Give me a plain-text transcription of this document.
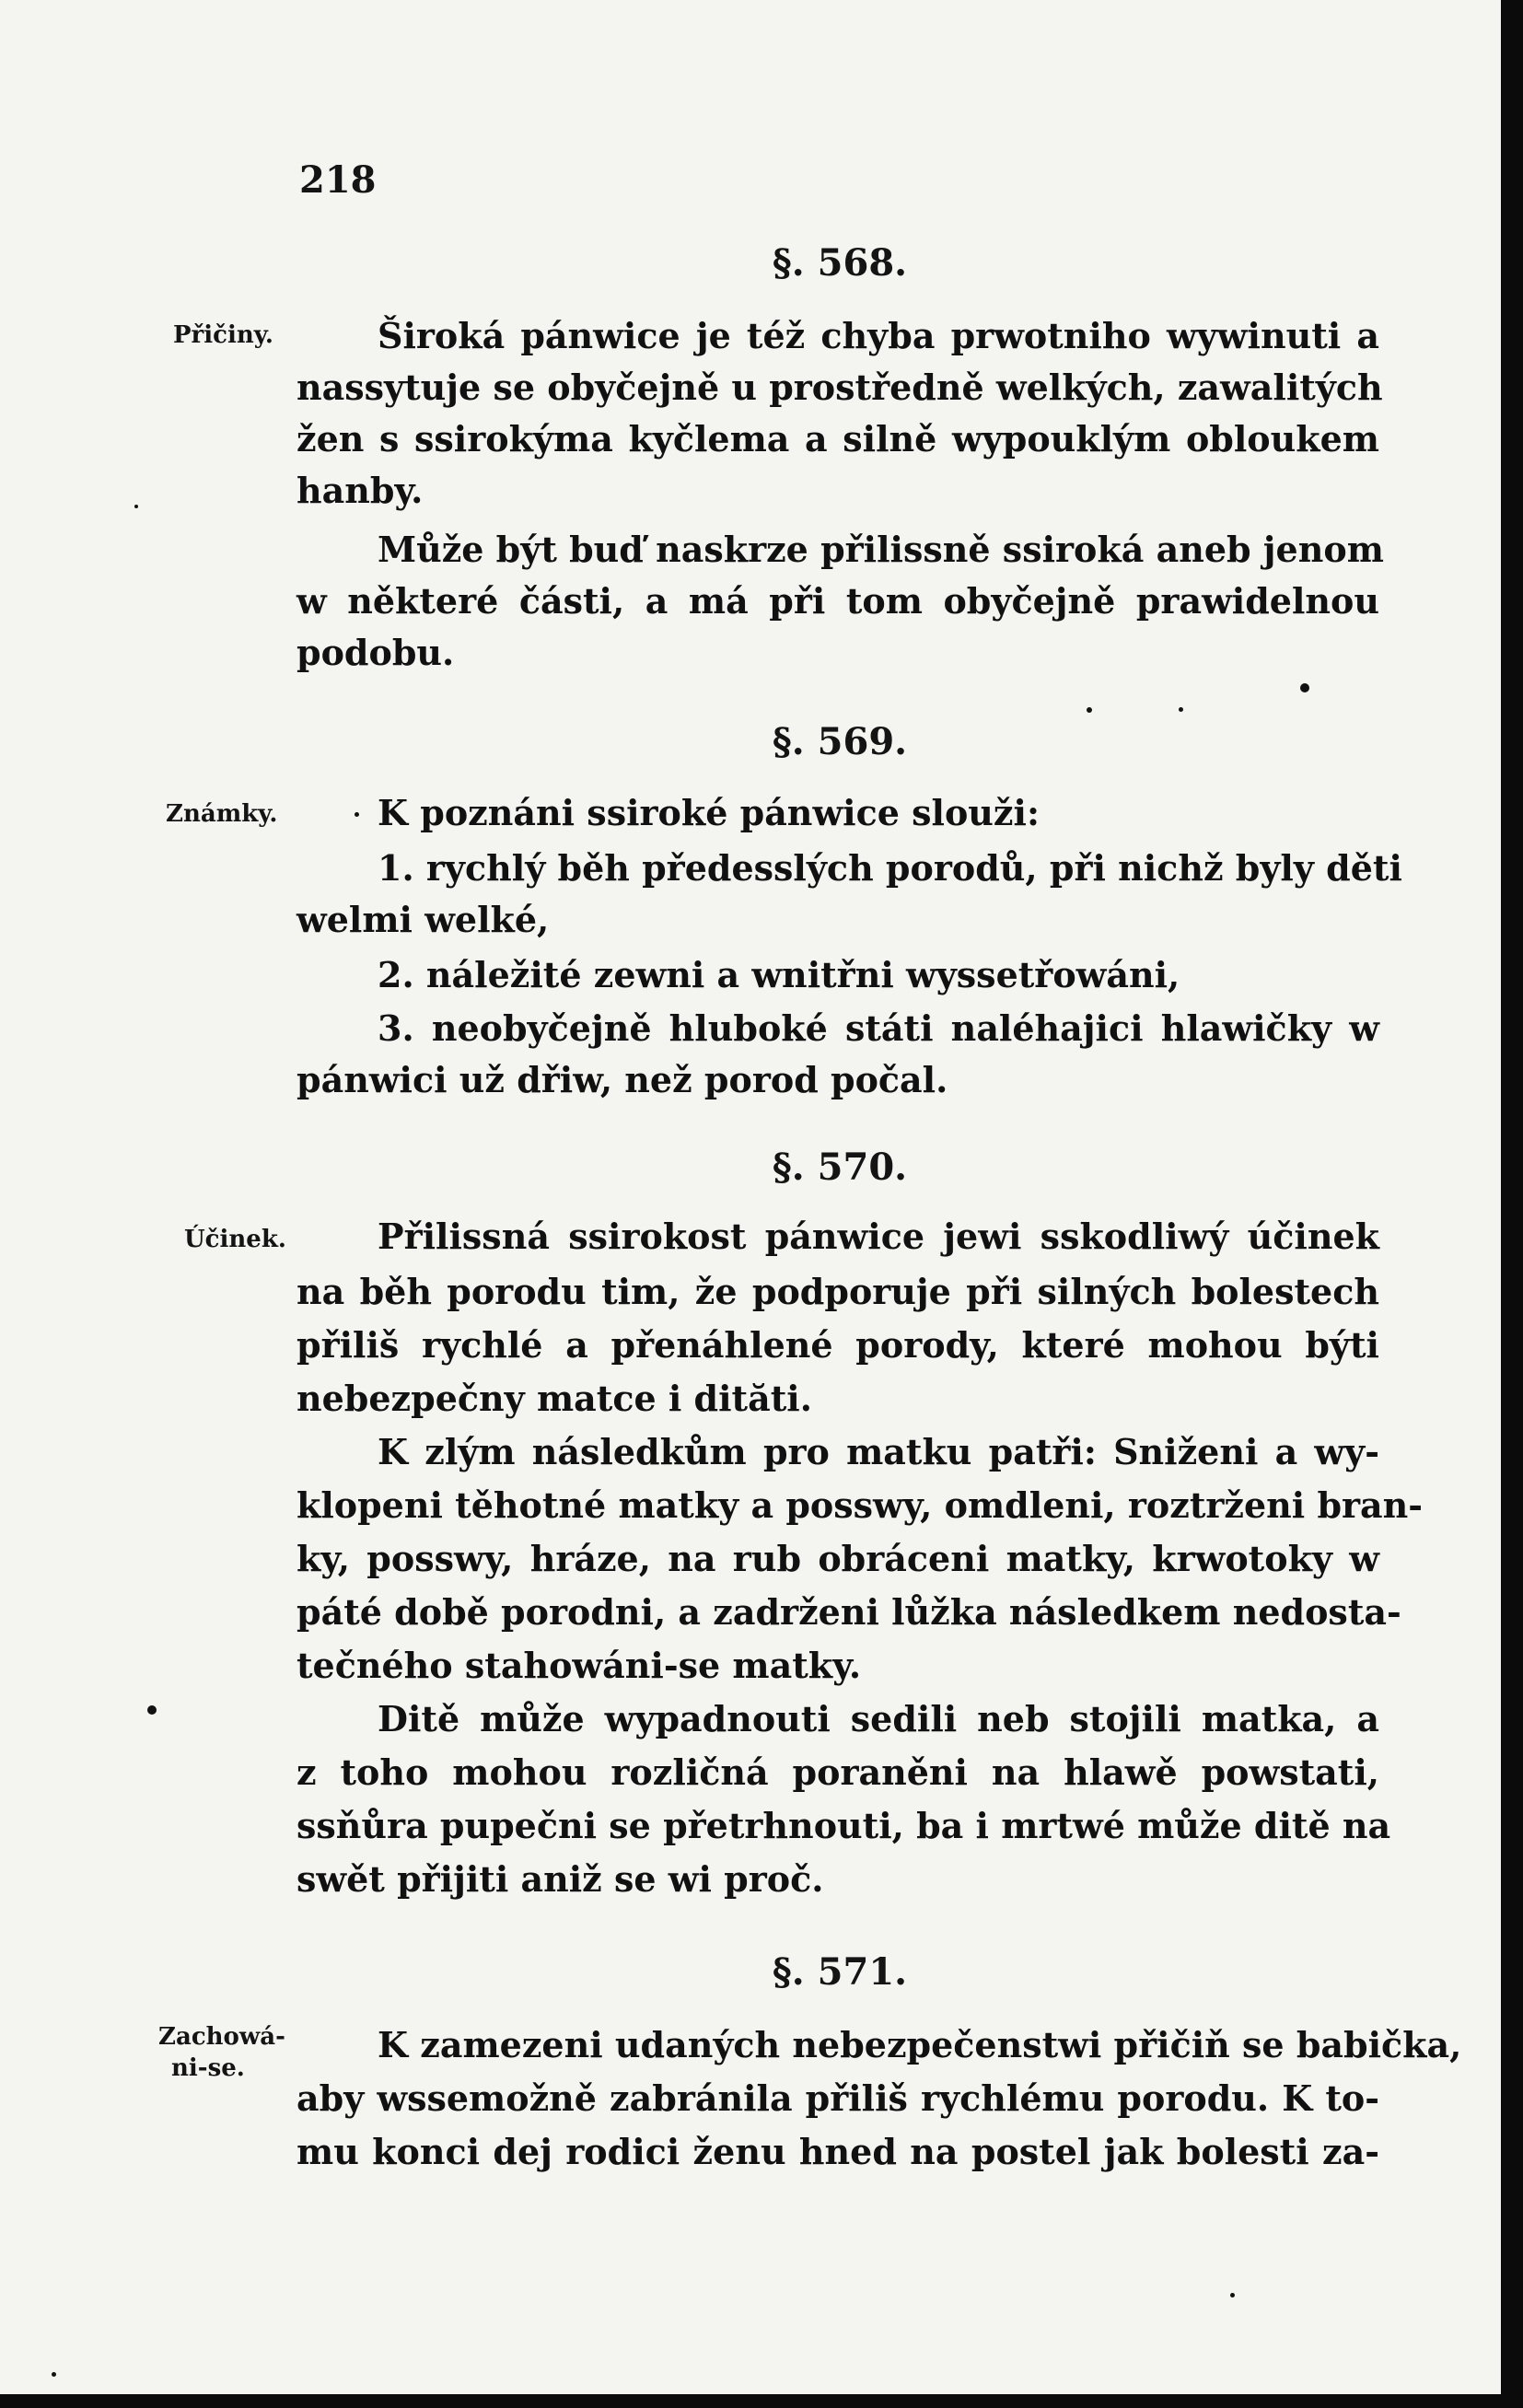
218
§. 568.
Přičiny.	Široká pánwice je též chyba prwotniho wywinuti a
nassytuje se obyčejně u prostředně welkých, zawalitých
žen s ssirokýma kyčlema a silně wypouklým obloukem
hanby.
Může být buď naskrze přilissně ssiroká aneb jenom
w některé části, a má při tom obyčejně prawidelnou
podobu.
§. 569.
Známky.	K poznáni ssiroké pánwice slouži:
1. rychlý běh předesslých porodů, při nichž byly děti
welmi welké,
2. náležité zewni a wnitřni wyssetřowáni,
3. neobyčejně hluboké státi naléhajici hlawičky w
pánwici už dřiw, než porod počal.
§. 570.
Účinek.	Přilissná ssirokost pánwice jewi sskodliwý účinek
na běh porodu tim, že podporuje při silných bolestech
přiliš rychlé a přenáhlené porody, které mohou býti
nebezpečny matce i dităti.
K zlým následkům pro matku patři: Sniženi a wy-
klopeni těhotné matky a posswy, omdleni, roztrženi bran-
ky, posswy, hráze, na rub obráceni matky, krwotoky w
páté době porodni, a zadrženi lůžka následkem nedosta-
tečného stahowáni-se matky.
Ditě může wypadnouti sedili neb stojili matka, a
z toho mohou rozličná poraněni na hlawě powstati,
ssňůra pupečni se přetrhnouti, ba i mrtwé může ditě na
swět přijiti aniž se wi proč.
§. 571.
Zachowá-
ni-se.
K zamezeni udaných nebezpečenstwi přičiň se babička,
aby wssemožně zabránila přiliš rychlému porodu. K to-
mu konci dej rodici ženu hned na postel jak bolesti za-
